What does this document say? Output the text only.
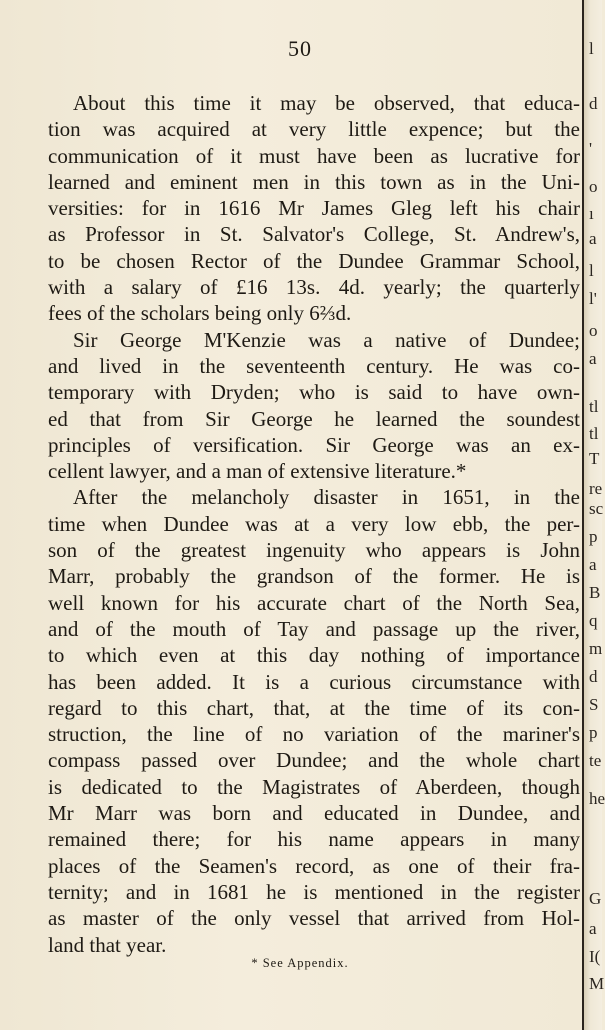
50
About this time it may be observed, that educa-
tion was acquired at very little expence; but the
communication of it must have been as lucrative for
learned and eminent men in this town as in the Uni-
versities: for in 1616 Mr James Gleg left his chair
as Professor in St. Salvator's College, St. Andrew's,
to be chosen Rector of the Dundee Grammar School,
with a salary of £16 13s. 4d. yearly; the quarterly
fees of the scholars being only 6⅔d.
Sir George M'Kenzie was a native of Dundee;
and lived in the seventeenth century. He was co-
temporary with Dryden; who is said to have own-
ed that from Sir George he learned the soundest
principles of versification. Sir George was an ex-
cellent lawyer, and a man of extensive literature.*
After the melancholy disaster in 1651, in the
time when Dundee was at a very low ebb, the per-
son of the greatest ingenuity who appears is John
Marr, probably the grandson of the former. He is
well known for his accurate chart of the North Sea,
and of the mouth of Tay and passage up the river,
to which even at this day nothing of importance
has been added. It is a curious circumstance with
regard to this chart, that, at the time of its con-
struction, the line of no variation of the mariner's
compass passed over Dundee; and the whole chart
is dedicated to the Magistrates of Aberdeen, though
Mr Marr was born and educated in Dundee, and
remained there; for his name appears in many
places of the Seamen's record, as one of their fra-
ternity; and in 1681 he is mentioned in the register
as master of the only vessel that arrived from Hol-
land that year.
* See Appendix.
l
d
'
o
ı
a
l
l'
o
a
tl
tl
T
re
sc
p
a
B
q
m
d
S
p
te
he
G
a
I(
M
